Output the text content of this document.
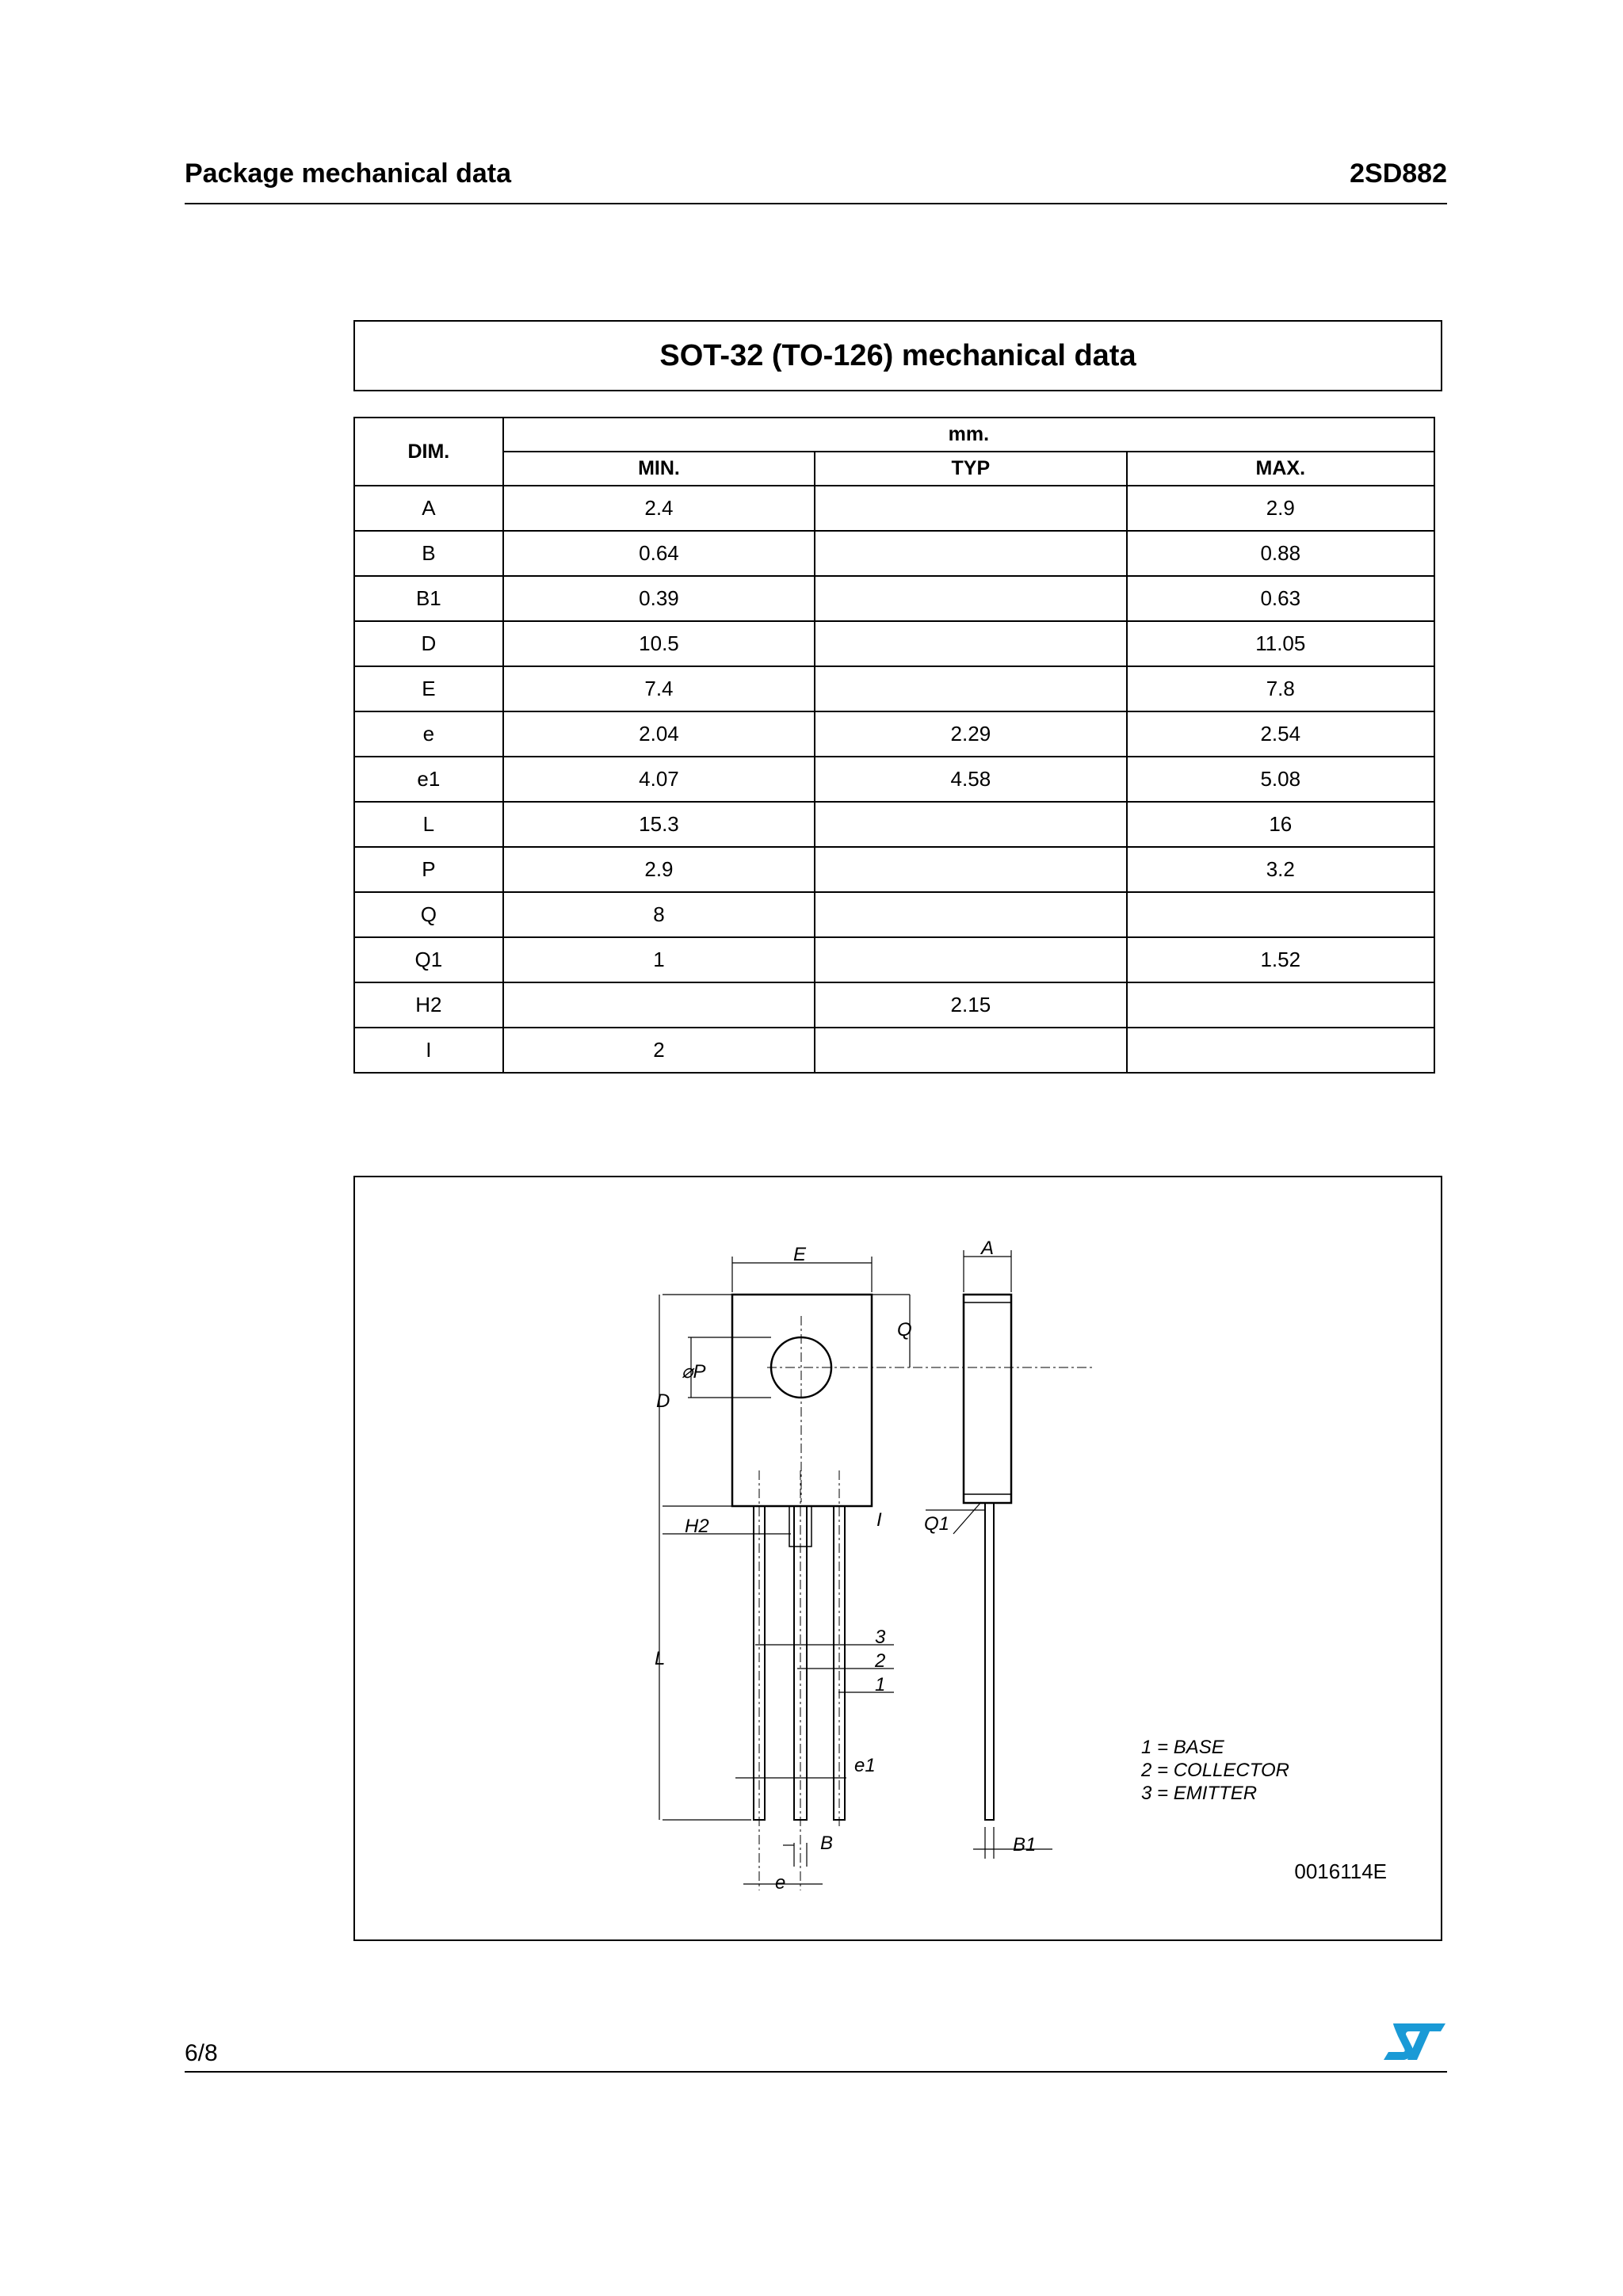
Package mechanical data	2SD882
SOT-32 (TO-126) mechanical data
DIM.	mm.		
	MIN.	TYP	MAX.
A	2.4		2.9
B	0.64		0.88
B1	0.39		0.63
D	10.5		11.05
E	7.4		7.8
e	2.04	2.29	2.54
e1	4.07	4.58	5.08
L	15.3		16
P	2.9		3.2
Q	8		
Q1	1		1.52
H2		2.15	
I	2		
E	A
Q
⌀P
D
H2	I Q1
L
3
2
1
e1
B	B1
e
1 = BASE
2 = COLLECTOR
3 = EMITTER
0016114E
6/8
